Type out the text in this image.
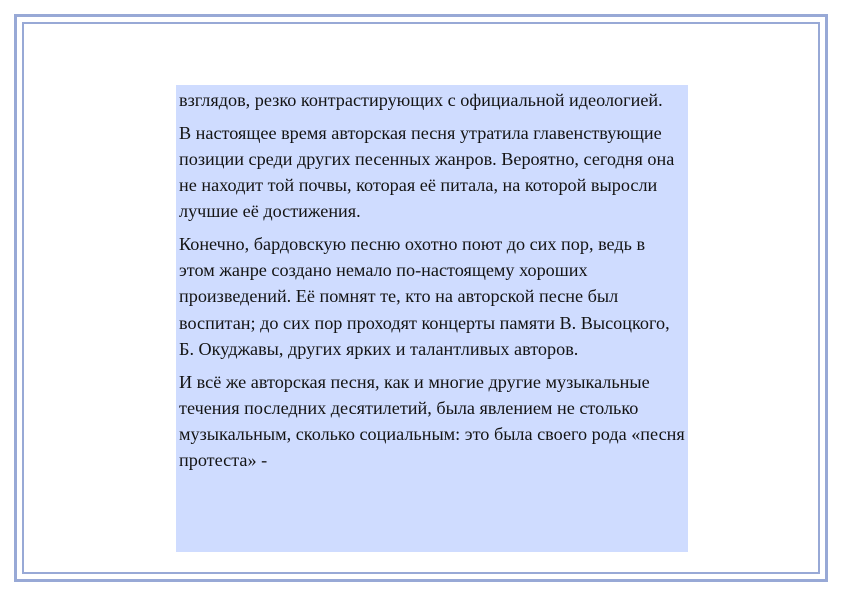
взглядов, резко контрастирующих с официальной идеологией.

В настоящее время авторская песня утратила главенствующие позиции среди других песенных жанров. Вероятно, сегодня она не находит той почвы, которая её питала, на которой выросли лучшие её достижения.

Конечно, бардовскую песню охотно поют до сих пор, ведь в этом жанре создано немало по-настоящему хороших произведений. Её помнят те, кто на авторской песне был воспитан; до сих пор проходят концерты памяти В. Высоцкого, Б. Окуджавы, других ярких и талантливых авторов.

И всё же авторская песня, как и многие другие музыкальные течения последних десятилетий, была явлением не столько музыкальным, сколько социальным: это была своего рода «песня протеста» -
